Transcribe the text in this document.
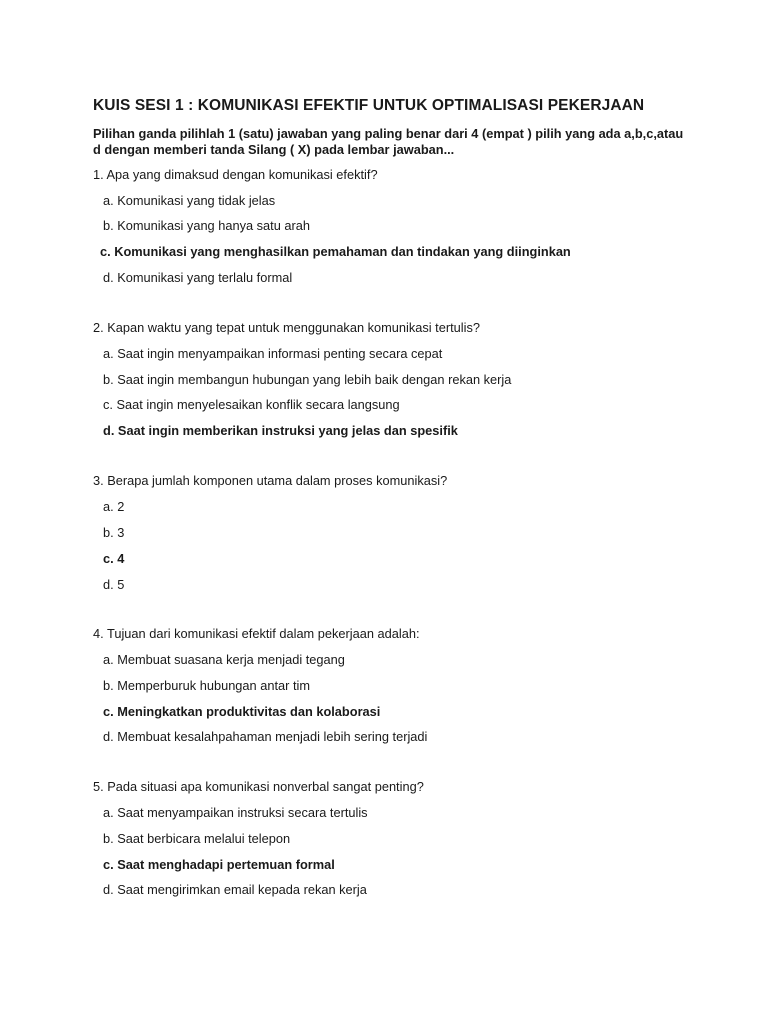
KUIS SESI 1 : KOMUNIKASI EFEKTIF UNTUK OPTIMALISASI PEKERJAAN
Pilihan ganda pilihlah 1 (satu) jawaban yang paling benar dari 4 (empat ) pilih yang ada a,b,c,atau
d dengan memberi tanda Silang ( X) pada lembar jawaban...
1. Apa yang dimaksud dengan komunikasi efektif?
a. Komunikasi yang tidak jelas
b. Komunikasi yang hanya satu arah
c. Komunikasi yang menghasilkan pemahaman dan tindakan yang diinginkan
d. Komunikasi yang terlalu formal
2. Kapan waktu yang tepat untuk menggunakan komunikasi tertulis?
a. Saat ingin menyampaikan informasi penting secara cepat
b. Saat ingin membangun hubungan yang lebih baik dengan rekan kerja
c. Saat ingin menyelesaikan konflik secara langsung
d. Saat ingin memberikan instruksi yang jelas dan spesifik
3. Berapa jumlah komponen utama dalam proses komunikasi?
a. 2
b. 3
c. 4
d. 5
4. Tujuan dari komunikasi efektif dalam pekerjaan adalah:
a. Membuat suasana kerja menjadi tegang
b. Memperburuk hubungan antar tim
c. Meningkatkan produktivitas dan kolaborasi
d. Membuat kesalahpahaman menjadi lebih sering terjadi
5. Pada situasi apa komunikasi nonverbal sangat penting?
a. Saat menyampaikan instruksi secara tertulis
b. Saat berbicara melalui telepon
c. Saat menghadapi pertemuan formal
d. Saat mengirimkan email kepada rekan kerja
